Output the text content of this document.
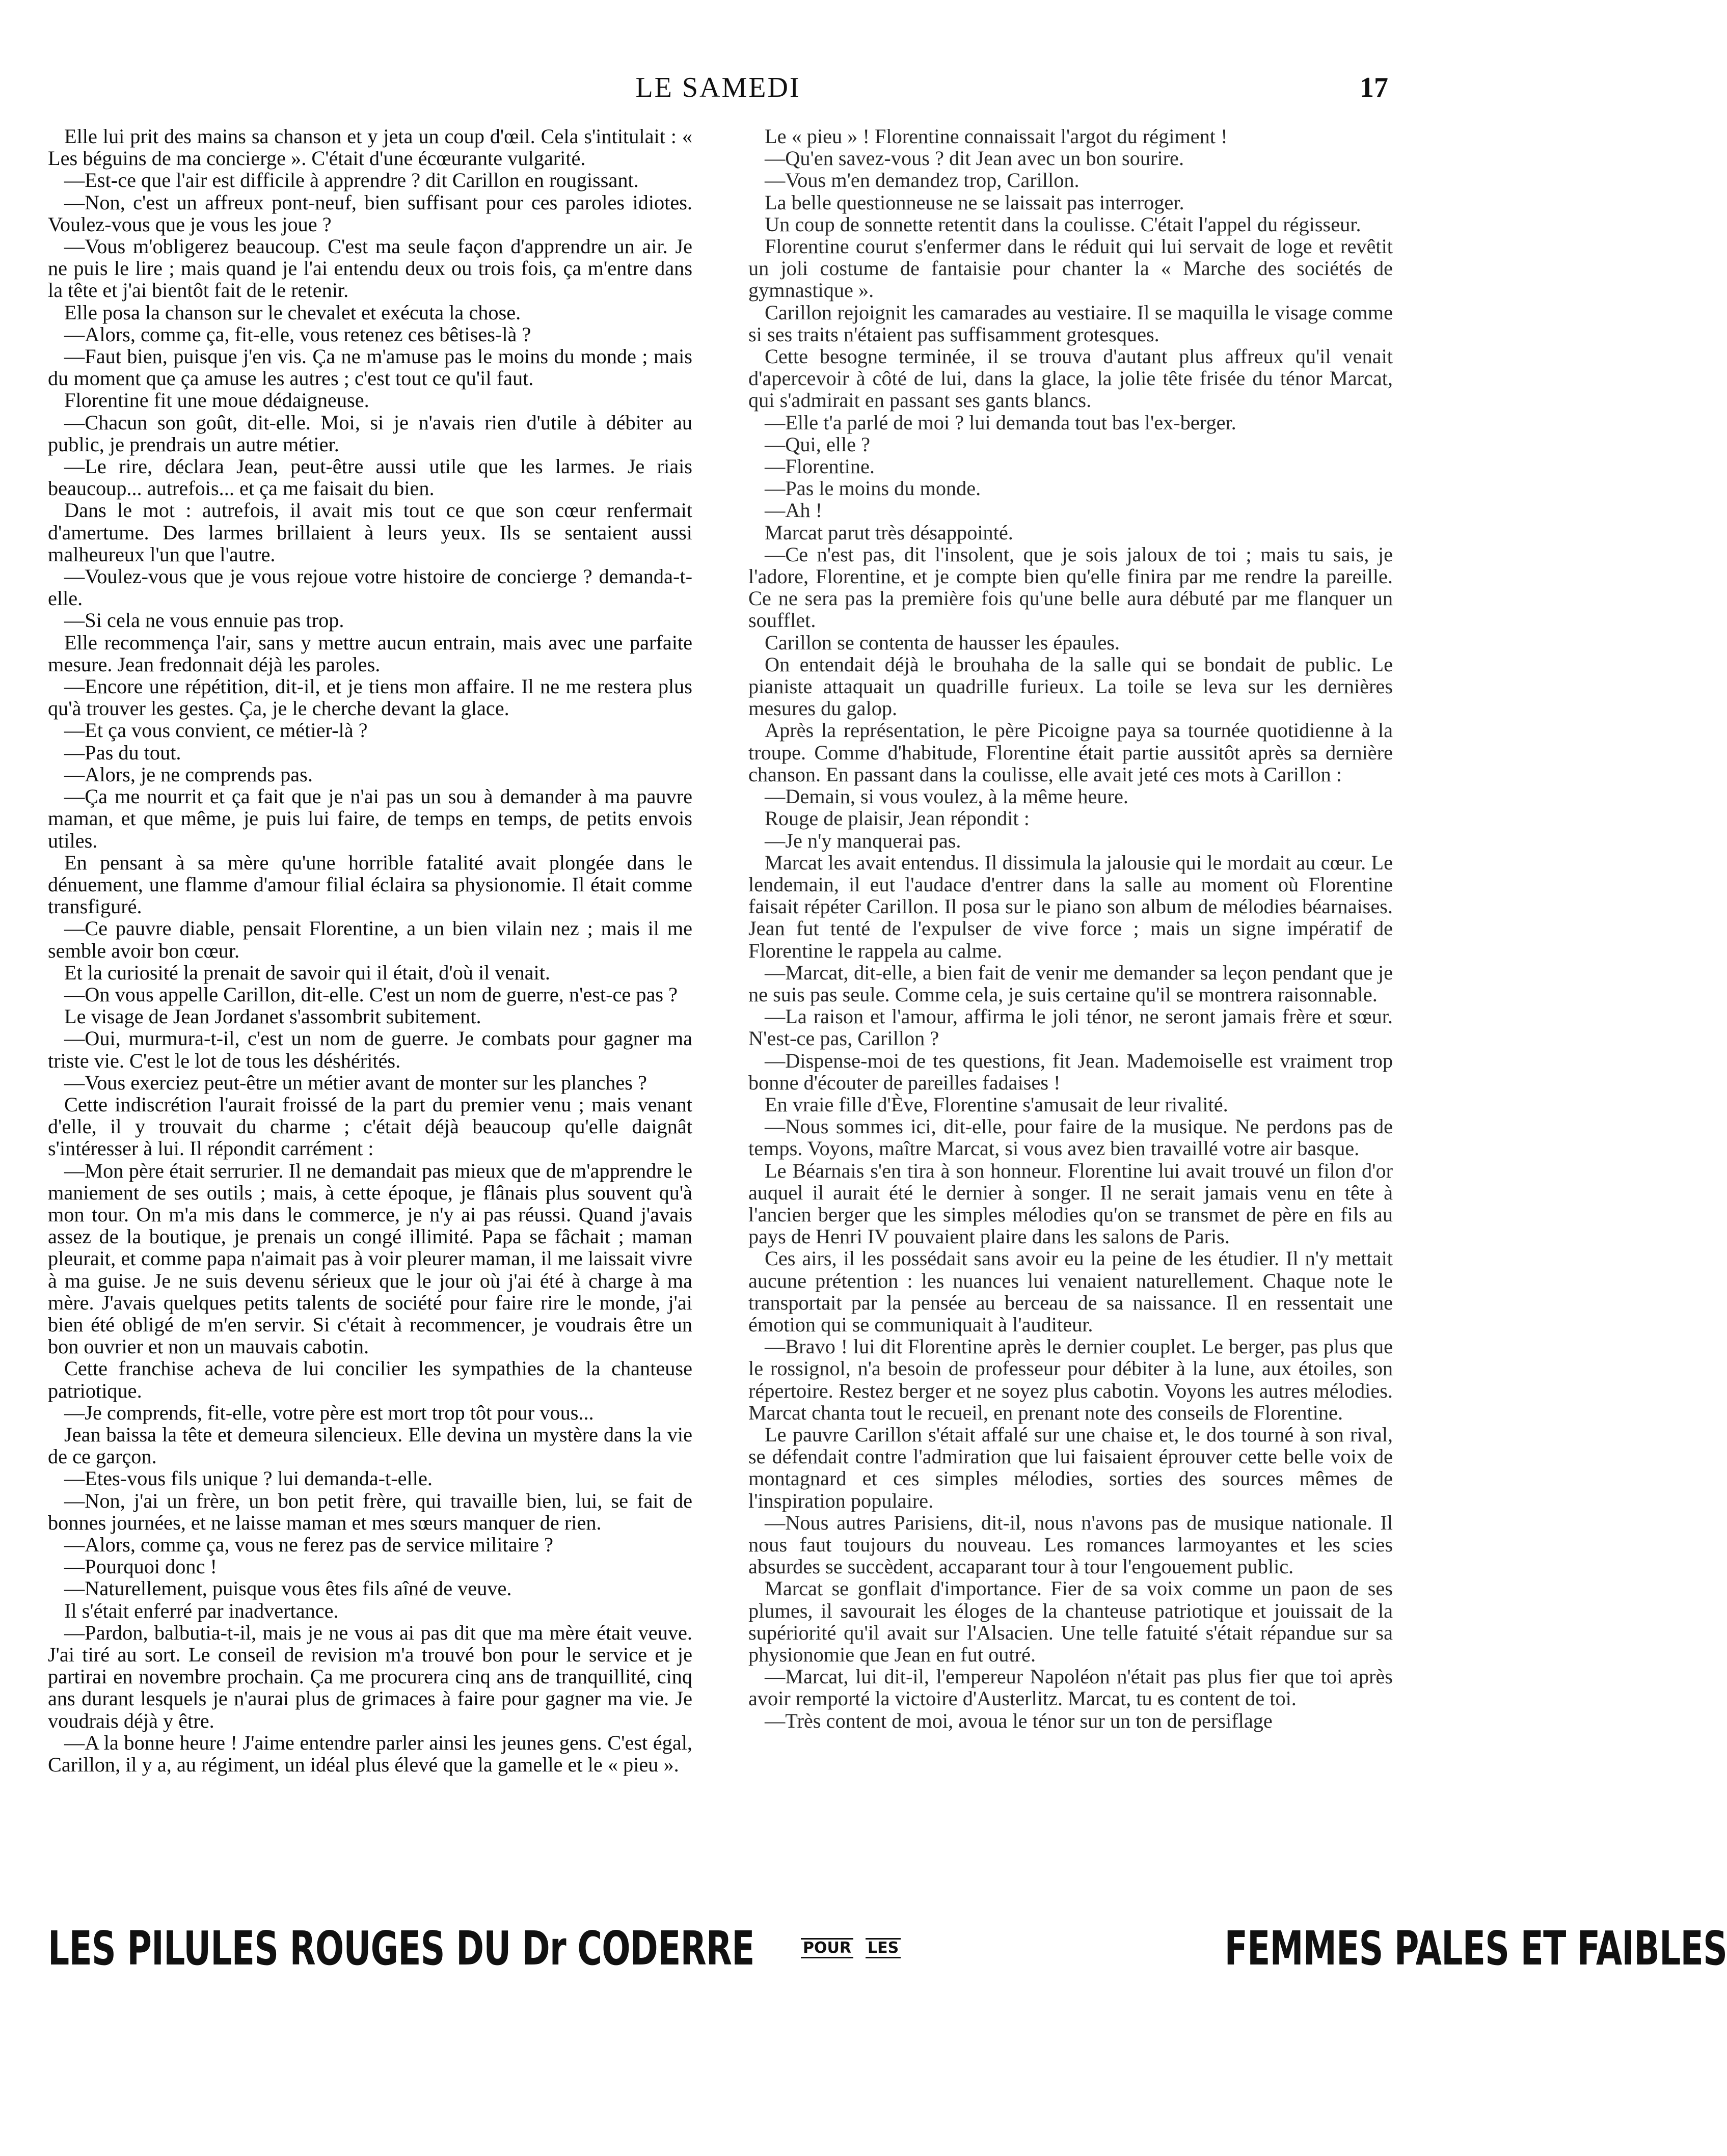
LE SAMEDI	17

Elle lui prit des mains sa chanson et y jeta un coup d'œil. Cela s'intitulait : « Les béguins de ma concierge ». C'était d'une écœurante vulgarité.

—Est-ce que l'air est difficile à apprendre ? dit Carillon en rougissant.

—Non, c'est un affreux pont-neuf, bien suffisant pour ces paroles idiotes. Voulez-vous que je vous les joue ?

—Vous m'obligerez beaucoup. C'est ma seule façon d'apprendre un air. Je ne puis le lire ; mais quand je l'ai entendu deux ou trois fois, ça m'entre dans la tête et j'ai bientôt fait de le retenir.

Elle posa la chanson sur le chevalet et exécuta la chose.

—Alors, comme ça, fit-elle, vous retenez ces bêtises-là ?

—Faut bien, puisque j'en vis. Ça ne m'amuse pas le moins du monde ; mais du moment que ça amuse les autres ; c'est tout ce qu'il faut.

Florentine fit une moue dédaigneuse.

—Chacun son goût, dit-elle. Moi, si je n'avais rien d'utile à débiter au public, je prendrais un autre métier.

—Le rire, déclara Jean, peut-être aussi utile que les larmes. Je riais beaucoup... autrefois... et ça me faisait du bien.

Dans le mot : autrefois, il avait mis tout ce que son cœur renfermait d'amertume. Des larmes brillaient à leurs yeux. Ils se sentaient aussi malheureux l'un que l'autre.

—Voulez-vous que je vous rejoue votre histoire de concierge ? demanda-t-elle.

—Si cela ne vous ennuie pas trop.

Elle recommença l'air, sans y mettre aucun entrain, mais avec une parfaite mesure. Jean fredonnait déjà les paroles.

—Encore une répétition, dit-il, et je tiens mon affaire. Il ne me restera plus qu'à trouver les gestes. Ça, je le cherche devant la glace.

—Et ça vous convient, ce métier-là ?

—Pas du tout.

—Alors, je ne comprends pas.

—Ça me nourrit et ça fait que je n'ai pas un sou à demander à ma pauvre maman, et que même, je puis lui faire, de temps en temps, de petits envois utiles.

En pensant à sa mère qu'une horrible fatalité avait plongée dans le dénuement, une flamme d'amour filial éclaira sa physionomie. Il était comme transfiguré.

—Ce pauvre diable, pensait Florentine, a un bien vilain nez ; mais il me semble avoir bon cœur.

Et la curiosité la prenait de savoir qui il était, d'où il venait.

—On vous appelle Carillon, dit-elle. C'est un nom de guerre, n'est-ce pas ?

Le visage de Jean Jordanet s'assombrit subitement.

—Oui, murmura-t-il, c'est un nom de guerre. Je combats pour gagner ma triste vie. C'est le lot de tous les déshérités.

—Vous exerciez peut-être un métier avant de monter sur les planches ?

Cette indiscrétion l'aurait froissé de la part du premier venu ; mais venant d'elle, il y trouvait du charme ; c'était déjà beaucoup qu'elle daignât s'intéresser à lui. Il répondit carrément :

—Mon père était serrurier. Il ne demandait pas mieux que de m'apprendre le maniement de ses outils ; mais, à cette époque, je flânais plus souvent qu'à mon tour. On m'a mis dans le commerce, je n'y ai pas réussi. Quand j'avais assez de la boutique, je prenais un congé illimité. Papa se fâchait ; maman pleurait, et comme papa n'aimait pas à voir pleurer maman, il me laissait vivre à ma guise. Je ne suis devenu sérieux que le jour où j'ai été à charge à ma mère. J'avais quelques petits talents de société pour faire rire le monde, j'ai bien été obligé de m'en servir. Si c'était à recommencer, je voudrais être un bon ouvrier et non un mauvais cabotin.

Cette franchise acheva de lui concilier les sympathies de la chanteuse patriotique.

—Je comprends, fit-elle, votre père est mort trop tôt pour vous...

Jean baissa la tête et demeura silencieux. Elle devina un mystère dans la vie de ce garçon.

—Etes-vous fils unique ? lui demanda-t-elle.

—Non, j'ai un frère, un bon petit frère, qui travaille bien, lui, se fait de bonnes journées, et ne laisse maman et mes sœurs manquer de rien.

—Alors, comme ça, vous ne ferez pas de service militaire ?

—Pourquoi donc !

—Naturellement, puisque vous êtes fils aîné de veuve.

Il s'était enferré par inadvertance.

—Pardon, balbutia-t-il, mais je ne vous ai pas dit que ma mère était veuve. J'ai tiré au sort. Le conseil de revision m'a trouvé bon pour le service et je partirai en novembre prochain. Ça me procurera cinq ans de tranquillité, cinq ans durant lesquels je n'aurai plus de grimaces à faire pour gagner ma vie. Je voudrais déjà y être.

—A la bonne heure ! J'aime entendre parler ainsi les jeunes gens. C'est égal, Carillon, il y a, au régiment, un idéal plus élevé que la gamelle et le « pieu ».

Le « pieu » ! Florentine connaissait l'argot du régiment !

—Qu'en savez-vous ? dit Jean avec un bon sourire.

—Vous m'en demandez trop, Carillon.

La belle questionneuse ne se laissait pas interroger.

Un coup de sonnette retentit dans la coulisse. C'était l'appel du régisseur.

Florentine courut s'enfermer dans le réduit qui lui servait de loge et revêtit un joli costume de fantaisie pour chanter la « Marche des sociétés de gymnastique ».

Carillon rejoignit les camarades au vestiaire. Il se maquilla le visage comme si ses traits n'étaient pas suffisamment grotesques.

Cette besogne terminée, il se trouva d'autant plus affreux qu'il venait d'apercevoir à côté de lui, dans la glace, la jolie tête frisée du ténor Marcat, qui s'admirait en passant ses gants blancs.

—Elle t'a parlé de moi ? lui demanda tout bas l'ex-berger.

—Qui, elle ?

—Florentine.

—Pas le moins du monde.

—Ah !

Marcat parut très désappointé.

—Ce n'est pas, dit l'insolent, que je sois jaloux de toi ; mais tu sais, je l'adore, Florentine, et je compte bien qu'elle finira par me rendre la pareille. Ce ne sera pas la première fois qu'une belle aura débuté par me flanquer un soufflet.

Carillon se contenta de hausser les épaules.

On entendait déjà le brouhaha de la salle qui se bondait de public. Le pianiste attaquait un quadrille furieux. La toile se leva sur les dernières mesures du galop.

Après la représentation, le père Picoigne paya sa tournée quotidienne à la troupe. Comme d'habitude, Florentine était partie aussitôt après sa dernière chanson. En passant dans la coulisse, elle avait jeté ces mots à Carillon :

—Demain, si vous voulez, à la même heure.

Rouge de plaisir, Jean répondit :

—Je n'y manquerai pas.

Marcat les avait entendus. Il dissimula la jalousie qui le mordait au cœur. Le lendemain, il eut l'audace d'entrer dans la salle au moment où Florentine faisait répéter Carillon. Il posa sur le piano son album de mélodies béarnaises. Jean fut tenté de l'expulser de vive force ; mais un signe impératif de Florentine le rappela au calme.

—Marcat, dit-elle, a bien fait de venir me demander sa leçon pendant que je ne suis pas seule. Comme cela, je suis certaine qu'il se montrera raisonnable.

—La raison et l'amour, affirma le joli ténor, ne seront jamais frère et sœur. N'est-ce pas, Carillon ?

—Dispense-moi de tes questions, fit Jean. Mademoiselle est vraiment trop bonne d'écouter de pareilles fadaises !

En vraie fille d'Ève, Florentine s'amusait de leur rivalité.

—Nous sommes ici, dit-elle, pour faire de la musique. Ne perdons pas de temps. Voyons, maître Marcat, si vous avez bien travaillé votre air basque.

Le Béarnais s'en tira à son honneur. Florentine lui avait trouvé un filon d'or auquel il aurait été le dernier à songer. Il ne serait jamais venu en tête à l'ancien berger que les simples mélodies qu'on se transmet de père en fils au pays de Henri IV pouvaient plaire dans les salons de Paris.

Ces airs, il les possédait sans avoir eu la peine de les étudier. Il n'y mettait aucune prétention : les nuances lui venaient naturellement. Chaque note le transportait par la pensée au berceau de sa naissance. Il en ressentait une émotion qui se communiquait à l'auditeur.

—Bravo ! lui dit Florentine après le dernier couplet. Le berger, pas plus que le rossignol, n'a besoin de professeur pour débiter à la lune, aux étoiles, son répertoire. Restez berger et ne soyez plus cabotin. Voyons les autres mélodies. Marcat chanta tout le recueil, en prenant note des conseils de Florentine.

Le pauvre Carillon s'était affalé sur une chaise et, le dos tourné à son rival, se défendait contre l'admiration que lui faisaient éprouver cette belle voix de montagnard et ces simples mélodies, sorties des sources mêmes de l'inspiration populaire.

—Nous autres Parisiens, dit-il, nous n'avons pas de musique nationale. Il nous faut toujours du nouveau. Les romances larmoyantes et les scies absurdes se succèdent, accaparant tour à tour l'engouement public.

Marcat se gonflait d'importance. Fier de sa voix comme un paon de ses plumes, il savourait les éloges de la chanteuse patriotique et jouissait de la supériorité qu'il avait sur l'Alsacien. Une telle fatuité s'était répandue sur sa physionomie que Jean en fut outré.

—Marcat, lui dit-il, l'empereur Napoléon n'était pas plus fier que toi après avoir remporté la victoire d'Austerlitz. Marcat, tu es content de toi.

—Très content de moi, avoua le ténor sur un ton de persiflage

LES PILULES ROUGES DU Dr CODERRE	POUR LES	FEMMES PALES ET FAIBLES
